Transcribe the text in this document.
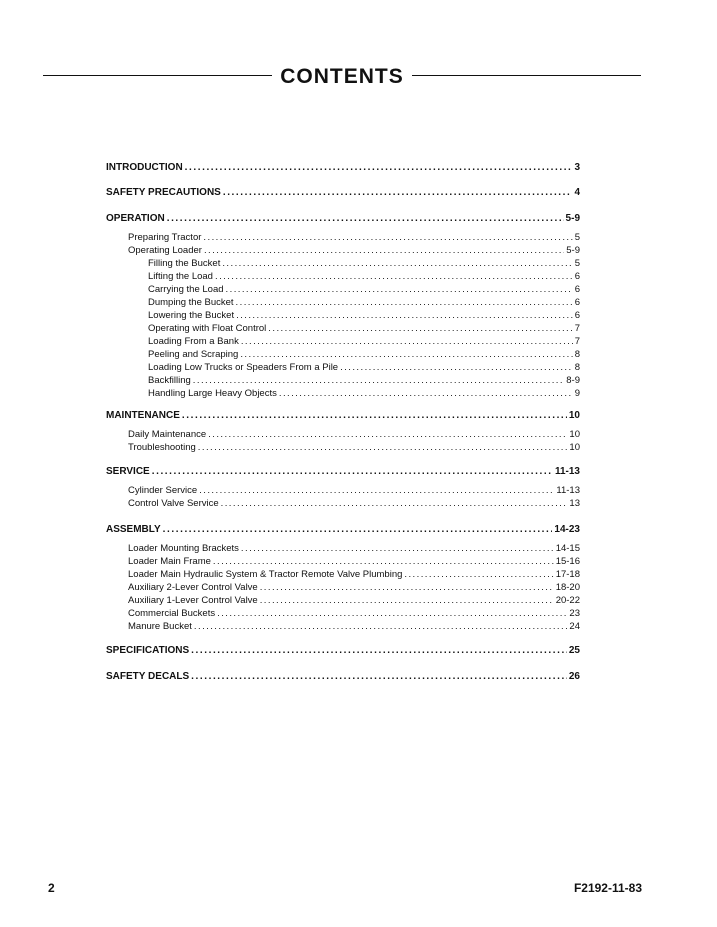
CONTENTS
INTRODUCTION . . .	3
SAFETY PRECAUTIONS . . .	4
OPERATION . . .	5-9
Preparing Tractor . . .	5
Operating Loader . . .	5-9
Filling the Bucket . . .	5
Lifting the Load . . .	6
Carrying the Load . . .	6
Dumping the Bucket . . .	6
Lowering the Bucket . . .	6
Operating with Float Control . . .	7
Loading From a Bank . . .	7
Peeling and Scraping . . .	8
Loading Low Trucks or Speaders From a Pile . . .	8
Backfilling . . .	8-9
Handling Large Heavy Objects . . .	9
MAINTENANCE . . .	10
Daily Maintenance . . .	10
Troubleshooting . . .	10
SERVICE . . .	11-13
Cylinder Service . . .	11-13
Control Valve Service . . .	13
ASSEMBLY . . .	14-23
Loader Mounting Brackets . . .	14-15
Loader Main Frame . . .	15-16
Loader Main Hydraulic System & Tractor Remote Valve Plumbing . . .	17-18
Auxiliary 2-Lever Control Valve . . .	18-20
Auxiliary 1-Lever Control Valve . . .	20-22
Commercial Buckets . . .	23
Manure Bucket . . .	24
SPECIFICATIONS . . .	25
SAFETY DECALS . . .	26
2	F2192-11-83
